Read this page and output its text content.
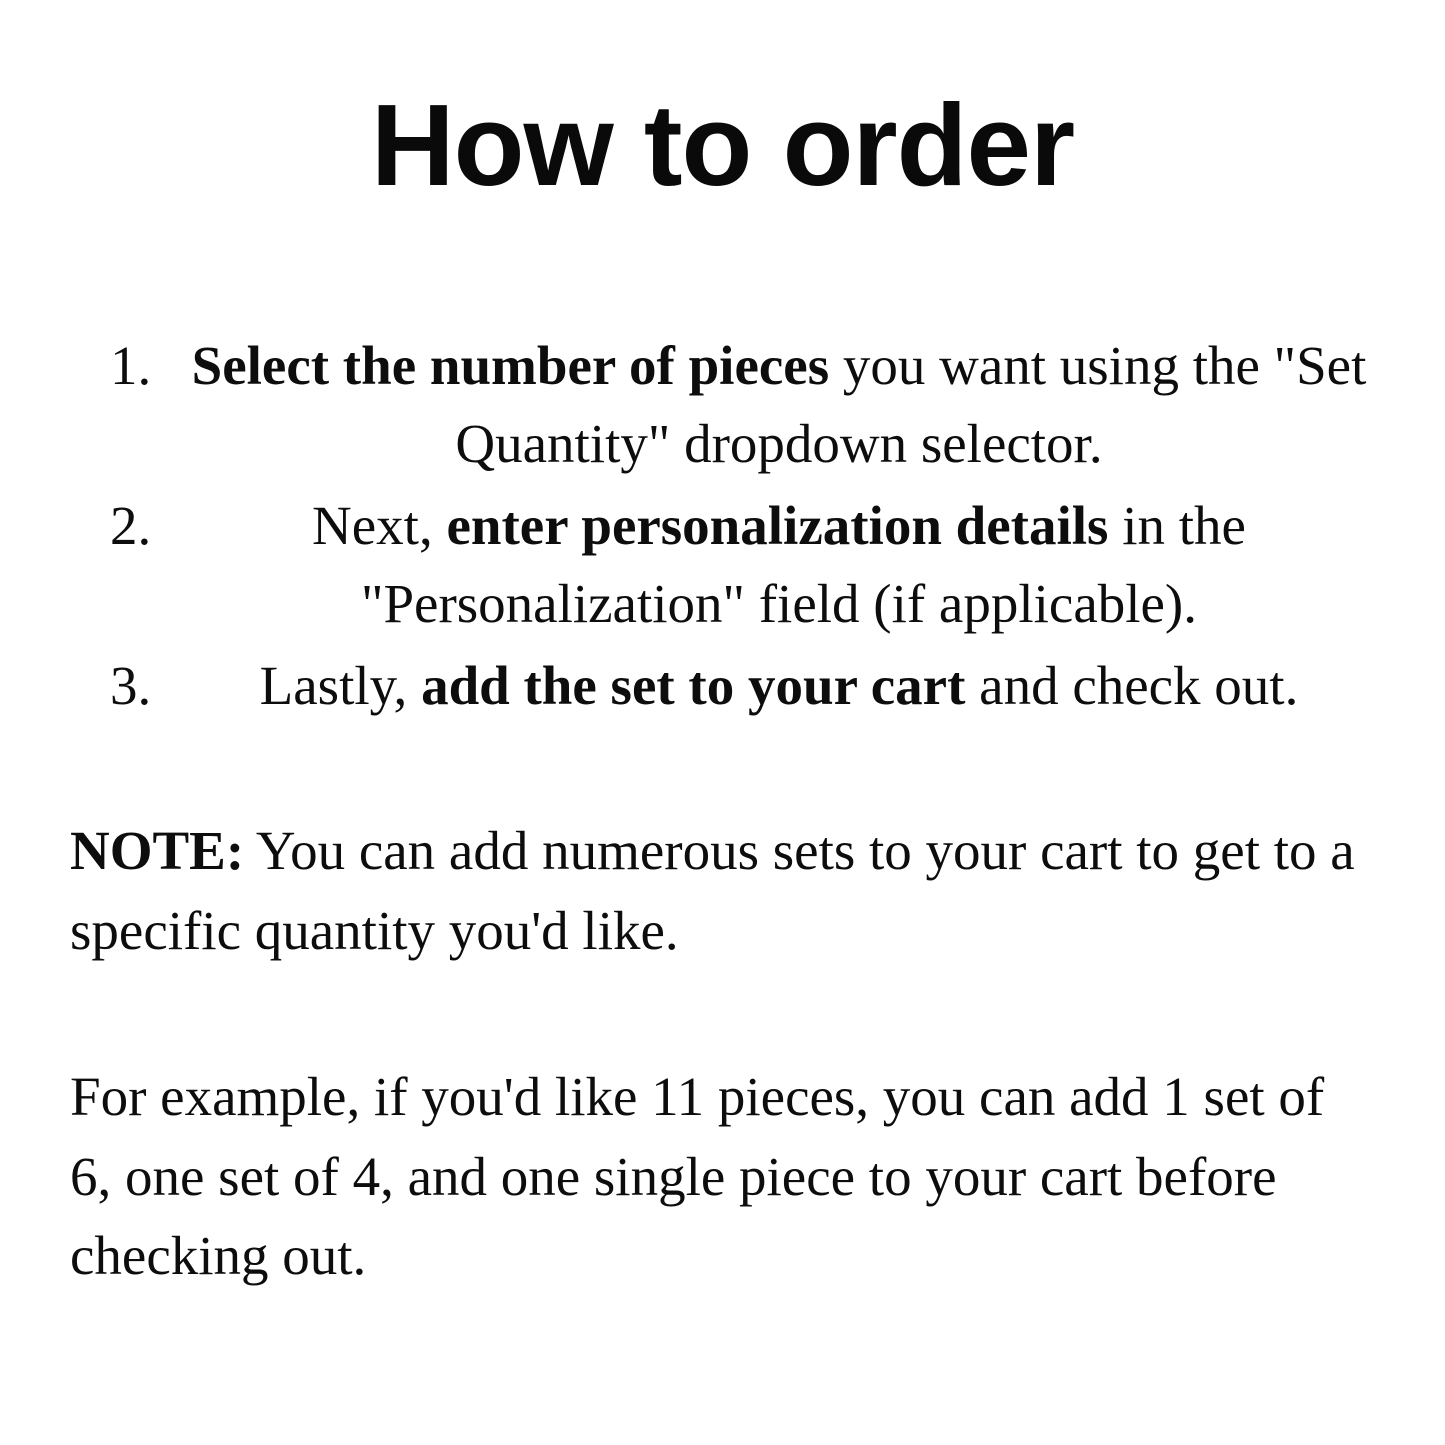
How to order
1. Select the number of pieces you want using the "Set Quantity" dropdown selector.
2. Next, enter personalization details in the "Personalization" field (if applicable).
3. Lastly, add the set to your cart and check out.

NOTE: You can add numerous sets to your cart to get to a specific quantity you'd like.

For example, if you'd like 11 pieces, you can add 1 set of 6, one set of 4, and one single piece to your cart before checking out.
